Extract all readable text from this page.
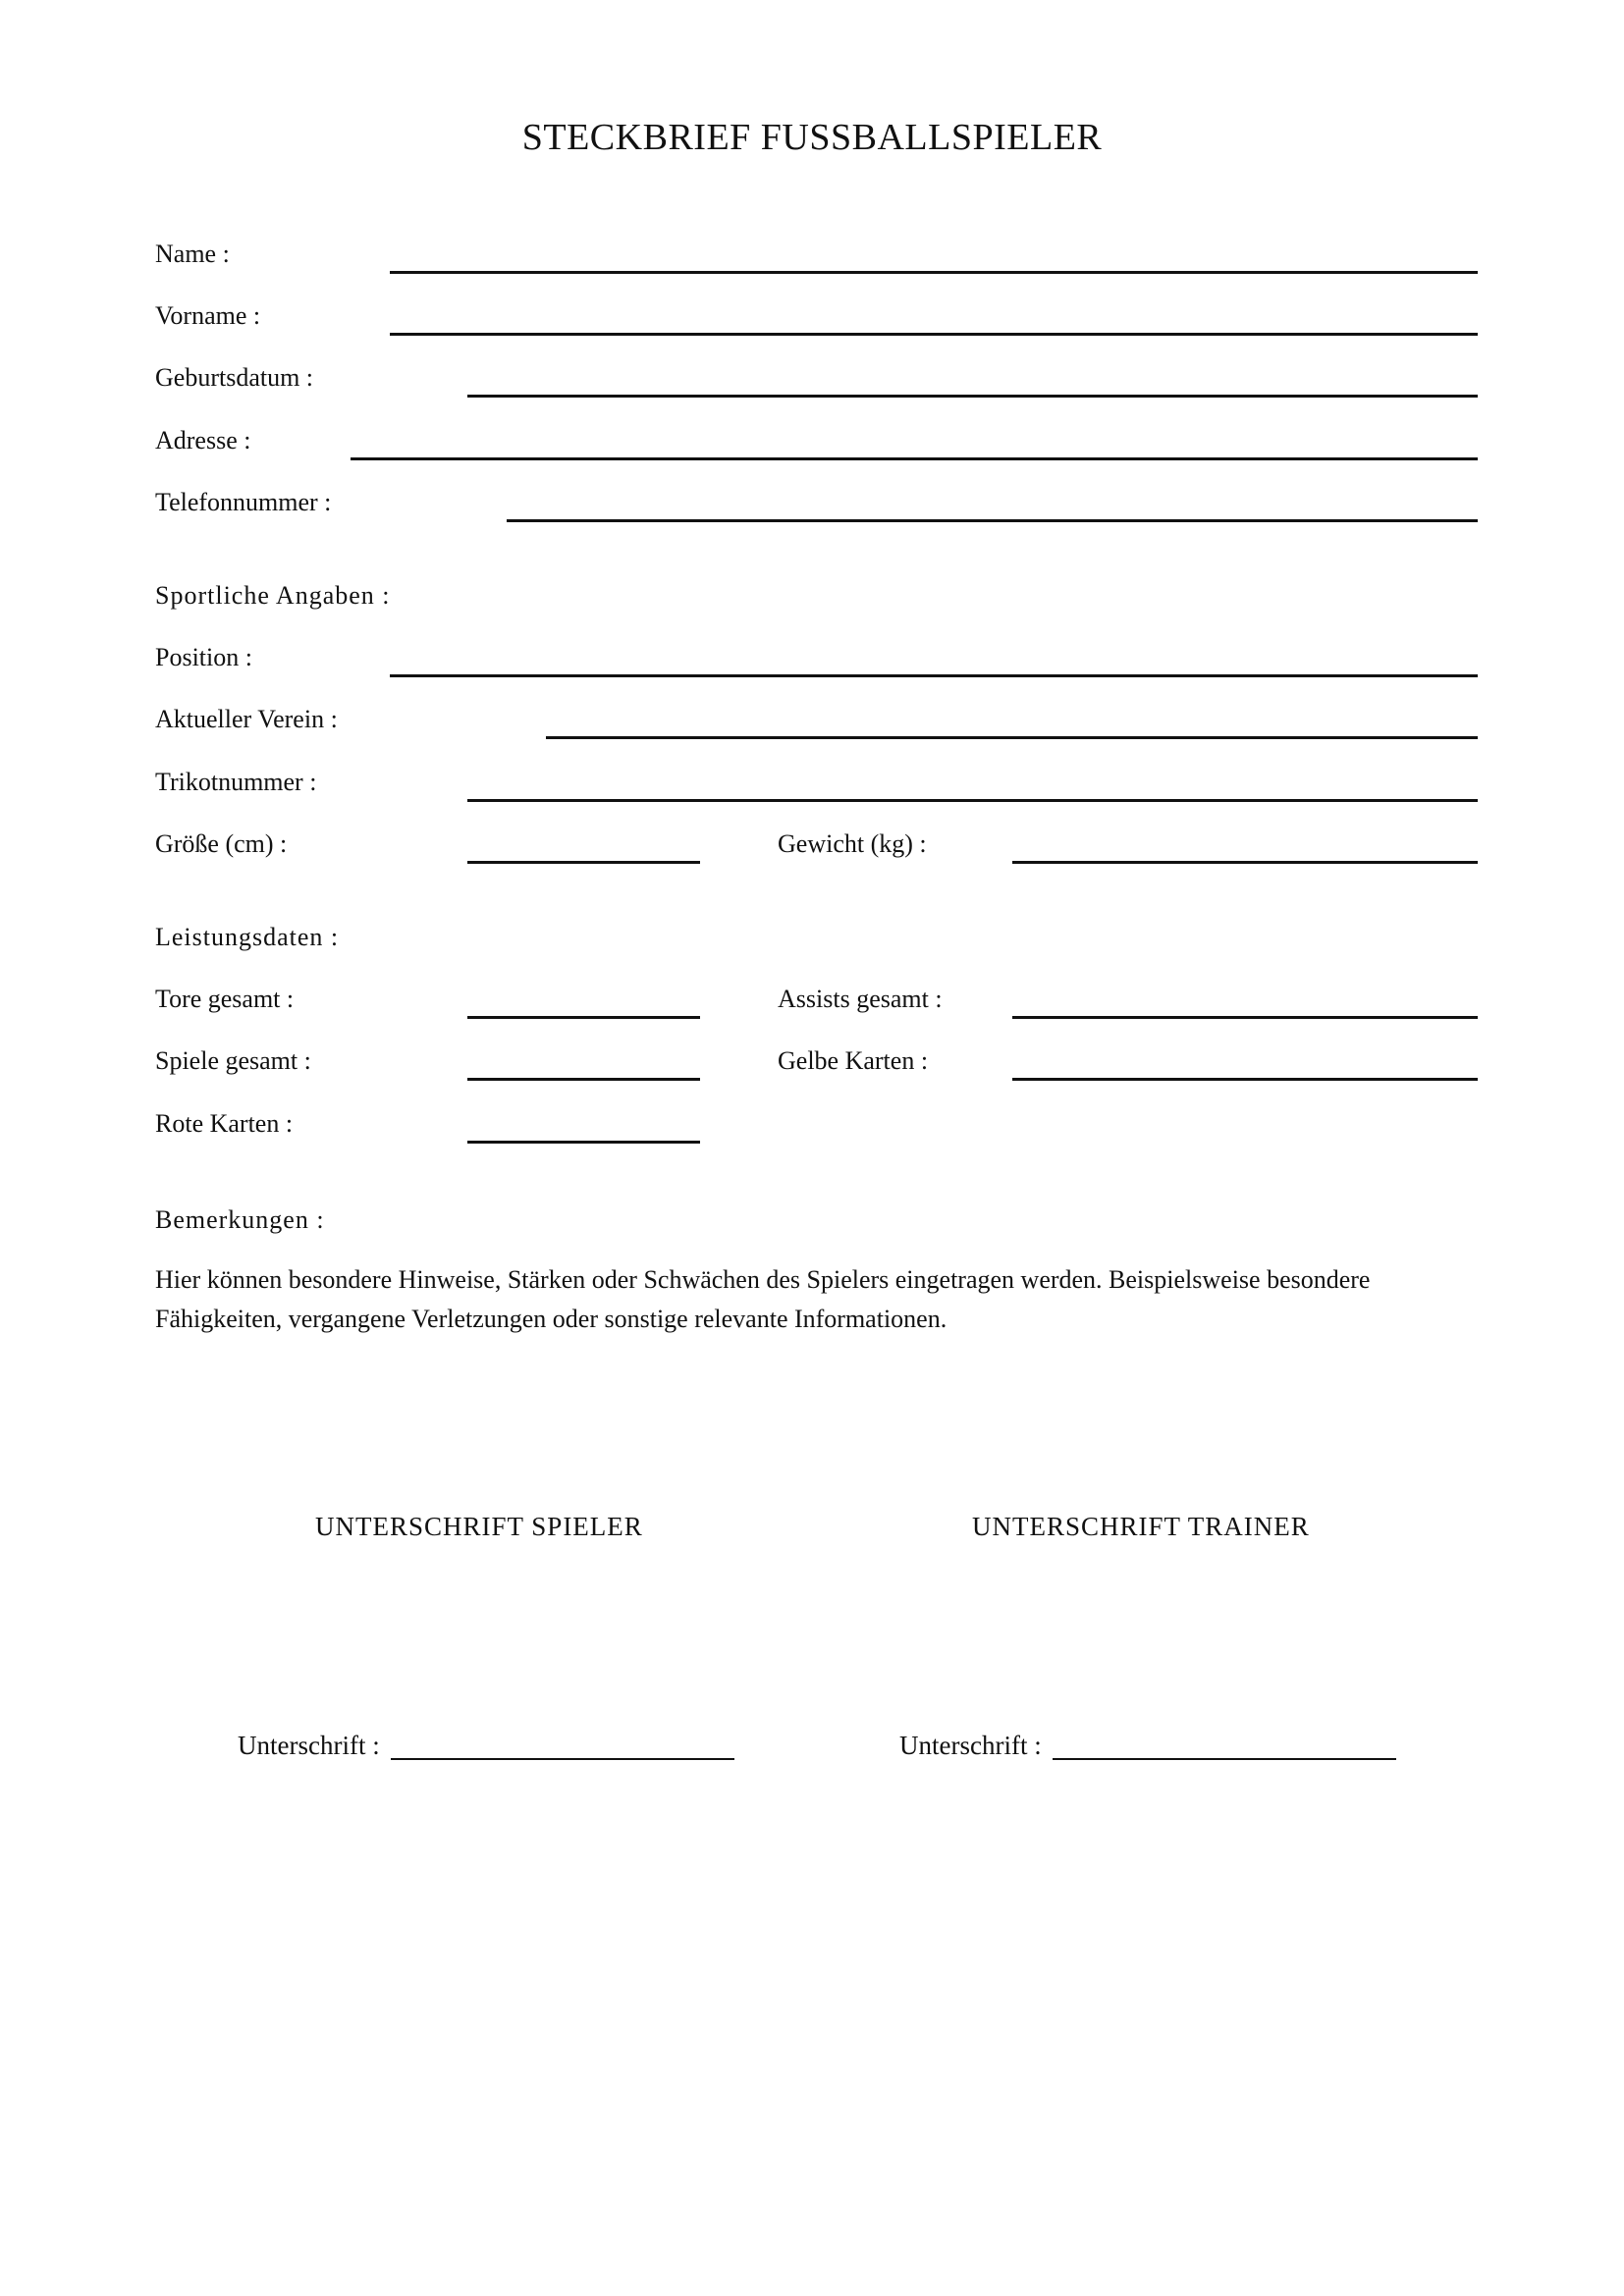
STECKBRIEF FUSSBALLSPIELER
Name :
Vorname :
Geburtsdatum :
Adresse :
Telefonnummer :
Sportliche Angaben :
Position :
Aktueller Verein :
Trikotnummer :
Größe (cm) :	Gewicht (kg) :
Leistungsdaten :
Tore gesamt :	Assists gesamt :
Spiele gesamt :	Gelbe Karten :
Rote Karten :
Bemerkungen :
Hier können besondere Hinweise, Stärken oder Schwächen des Spielers eingetragen werden. Beispielsweise besondere Fähigkeiten, vergangene Verletzungen oder sonstige relevante Informationen.
UNTERSCHRIFT SPIELER	UNTERSCHRIFT TRAINER
Unterschrift :	Unterschrift :
